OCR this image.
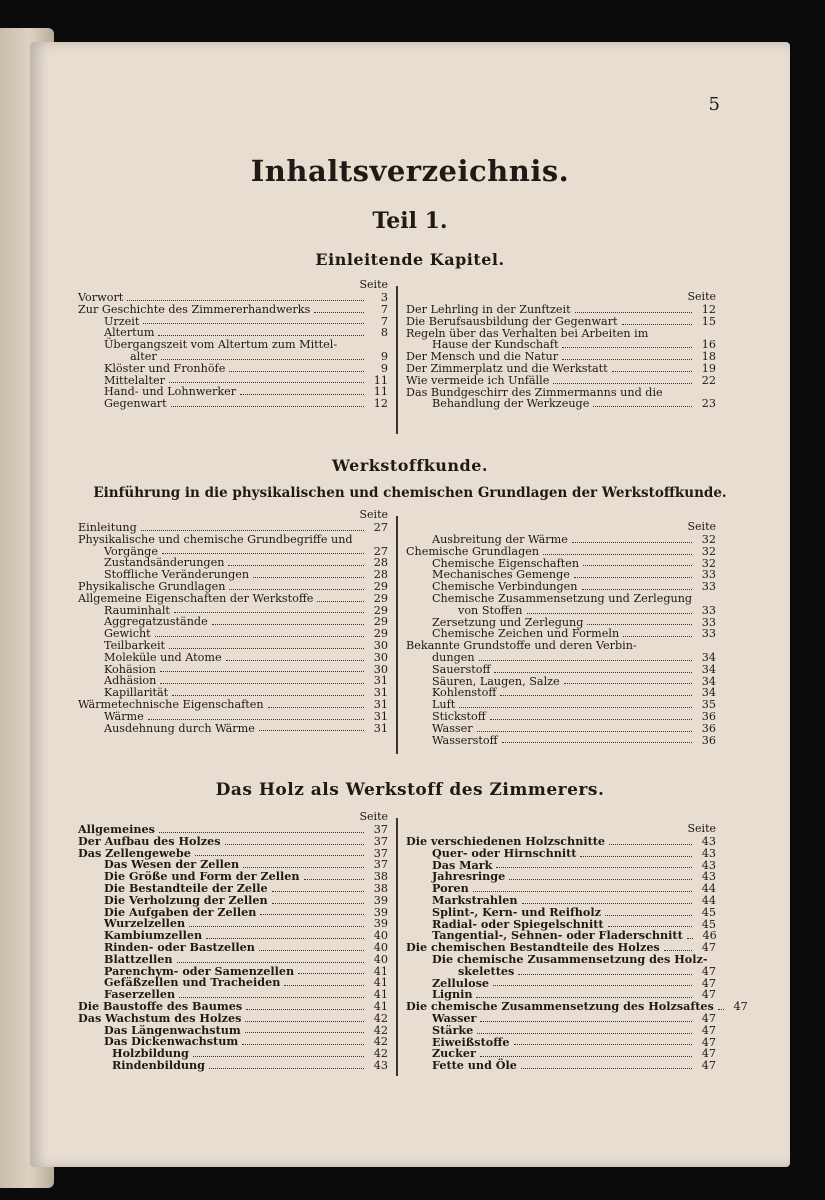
5
Inhaltsverzeichnis.
Teil 1.
Einleitende Kapitel.
Seite
Vorwort	3
Zur Geschichte des Zimmererhandwerks	7
Urzeit	7
Altertum	8
Übergangszeit vom Altertum zum Mittel-
alter	9
Klöster und Fronhöfe	9
Mittelalter	11
Hand- und Lohnwerker	11
Gegenwart	12
Seite
Der Lehrling in der Zunftzeit	12
Die Berufsausbildung der Gegenwart	15
Regeln über das Verhalten bei Arbeiten im
Hause der Kundschaft	16
Der Mensch und die Natur	18
Der Zimmerplatz und die Werkstatt	19
Wie vermeide ich Unfälle	22
Das Bundgeschirr des Zimmermanns und die
Behandlung der Werkzeuge	23
Werkstoffkunde.
Einführung in die physikalischen und chemischen Grundlagen der Werkstoffkunde.
Seite
Einleitung	27
Physikalische und chemische Grundbegriffe und
Vorgänge	27
Zustandsänderungen	28
Stoffliche Veränderungen	28
Physikalische Grundlagen	29
Allgemeine Eigenschaften der Werkstoffe	29
Rauminhalt	29
Aggregatzustände	29
Gewicht	29
Teilbarkeit	30
Moleküle und Atome	30
Kohäsion	30
Adhäsion	31
Kapillarität	31
Wärmetechnische Eigenschaften	31
Wärme	31
Ausdehnung durch Wärme	31
Seite
Ausbreitung der Wärme	32
Chemische Grundlagen	32
Chemische Eigenschaften	32
Mechanisches Gemenge	33
Chemische Verbindungen	33
Chemische Zusammensetzung und Zerlegung
von Stoffen	33
Zersetzung und Zerlegung	33
Chemische Zeichen und Formeln	33
Bekannte Grundstoffe und deren Verbin-
dungen	34
Sauerstoff	34
Säuren, Laugen, Salze	34
Kohlenstoff	34
Luft	35
Stickstoff	36
Wasser	36
Wasserstoff	36
Das Holz als Werkstoff des Zimmerers.
Seite
Allgemeines	37
Der Aufbau des Holzes	37
Das Zellengewebe	37
Das Wesen der Zellen	37
Die Größe und Form der Zellen	38
Die Bestandteile der Zelle	38
Die Verholzung der Zellen	39
Die Aufgaben der Zellen	39
Wurzelzellen	39
Kambiumzellen	40
Rinden- oder Bastzellen	40
Blattzellen	40
Parenchym- oder Samenzellen	41
Gefäßzellen und Tracheiden	41
Faserzellen	41
Die Baustoffe des Baumes	41
Das Wachstum des Holzes	42
Das Längenwachstum	42
Das Dickenwachstum	42
Holzbildung	42
Rindenbildung	43
Seite
Die verschiedenen Holzschnitte	43
Quer- oder Hirnschnitt	43
Das Mark	43
Jahresringe	43
Poren	44
Markstrahlen	44
Splint-, Kern- und Reifholz	45
Radial- oder Spiegelschnitt	45
Tangential-, Sehnen- oder Fladerschnitt	46
Die chemischen Bestandteile des Holzes	47
Die chemische Zusammensetzung des Holz-
skelettes	47
Zellulose	47
Lignin	47
Die chemische Zusammensetzung des Holzsaftes	47
Wasser	47
Stärke	47
Eiweißstoffe	47
Zucker	47
Fette und Öle	47
